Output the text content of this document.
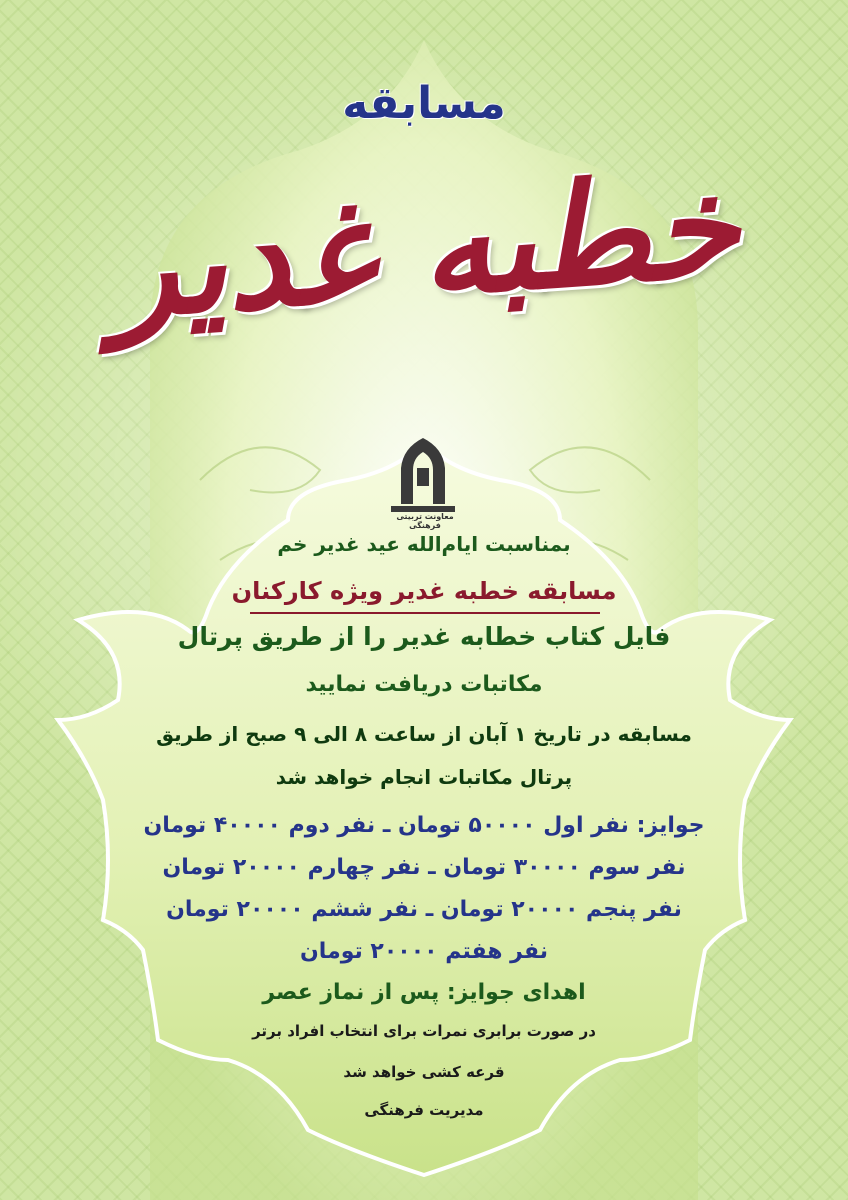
مسابقه
خطبه غدیر

معاونت تربیتی فرهنگی

بمناسبت ایام‌الله عید غدیر خم

مسابقه خطبه غدیر ویژه کارکنان

فایل کتاب خطابه غدیر را از طریق پرتال

مکاتبات دریافت نمایید

مسابقه در تاریخ ۱ آبان از ساعت ۸ الی ۹ صبح از طریق

پرتال مکاتبات انجام خواهد شد

جوایز: نفر اول ۵۰۰۰۰ تومان ـ نفر دوم ۴۰۰۰۰ تومان

نفر سوم ۳۰۰۰۰ تومان ـ نفر چهارم ۲۰۰۰۰ تومان

نفر پنجم ۲۰۰۰۰ تومان ـ نفر ششم ۲۰۰۰۰ تومان

نفر هفتم ۲۰۰۰۰ تومان

اهدای جوایز: پس از نماز عصر

در صورت برابری نمرات برای انتخاب افراد برتر

قرعه کشی خواهد شد

مدیریت فرهنگی
